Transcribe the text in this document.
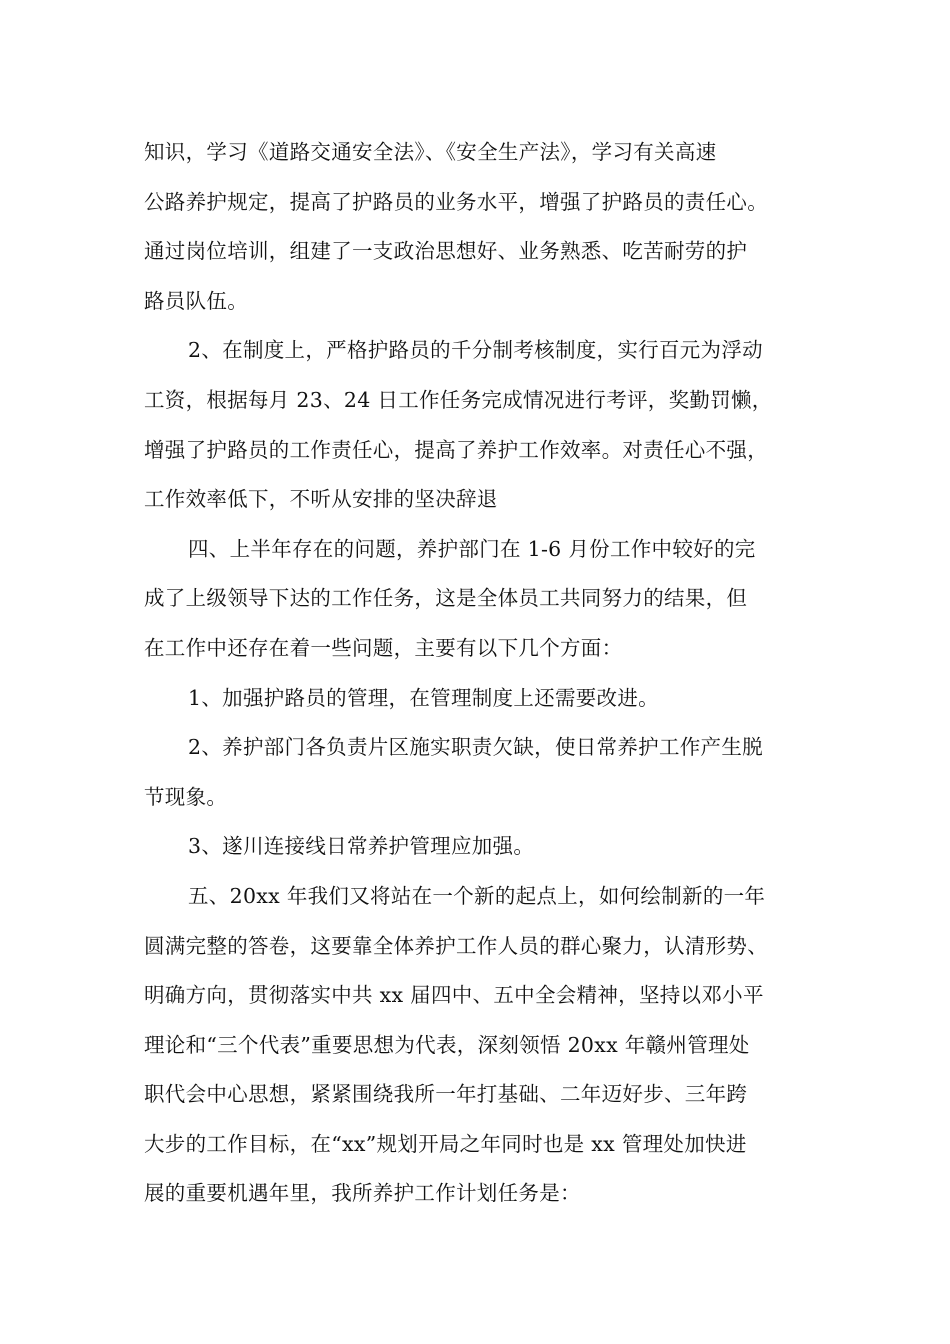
知识，学习《道路交通安全法》、《安全生产法》，学习有关高速
公路养护规定，提高了护路员的业务水平，增强了护路员的责任心。
通过岗位培训，组建了一支政治思想好、业务熟悉、吃苦耐劳的护
路员队伍。
2、在制度上，严格护路员的千分制考核制度，实行百元为浮动
工资，根据每月 23、24 日工作任务完成情况进行考评，奖勤罚懒，
增强了护路员的工作责任心，提高了养护工作效率。对责任心不强，
工作效率低下，不听从安排的坚决辞退
四、上半年存在的问题，养护部门在 1-6 月份工作中较好的完
成了上级领导下达的工作任务，这是全体员工共同努力的结果，但
在工作中还存在着一些问题，主要有以下几个方面：
1、加强护路员的管理，在管理制度上还需要改进。
2、养护部门各负责片区施实职责欠缺，使日常养护工作产生脱
节现象。
3、遂川连接线日常养护管理应加强。
五、20xx 年我们又将站在一个新的起点上，如何绘制新的一年
圆满完整的答卷，这要靠全体养护工作人员的群心聚力，认清形势、
明确方向，贯彻落实中共 xx 届四中、五中全会精神，坚持以邓小平
理论和“三个代表”重要思想为代表，深刻领悟 20xx 年赣州管理处
职代会中心思想，紧紧围绕我所一年打基础、二年迈好步、三年跨
大步的工作目标，在“xx”规划开局之年同时也是 xx 管理处加快进
展的重要机遇年里，我所养护工作计划任务是：
